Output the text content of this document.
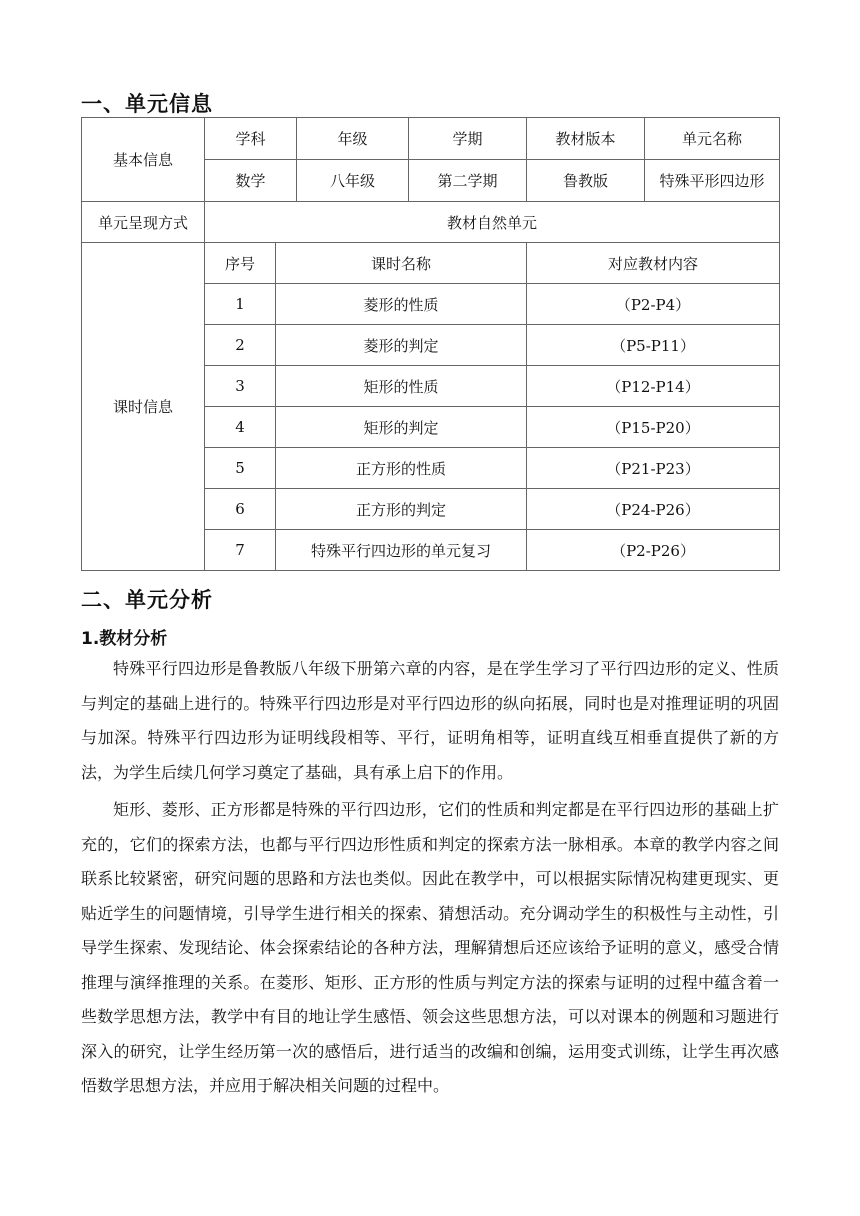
一、单元信息
基本信息	学科		年级	学期	教材版本	单元名称
	数学		八年级	第二学期	鲁教版	特殊平形四边形
单元呈现方式	教材自然单元					
课时信息	序号	课时名称			对应教材内容	
	1	菱形的性质			（P2-P4）	
	2	菱形的判定			（P5-P11）	
	3	矩形的性质			（P12-P14）	
	4	矩形的判定			（P15-P20）	
	5	正方形的性质			（P21-P23）	
	6	正方形的判定			（P24-P26）	
	7	特殊平行四边形的单元复习			（P2-P26）	
二、单元分析
1.教材分析

特殊平行四边形是鲁教版八年级下册第六章的内容，是在学生学习了平行四边形的定义、性质与判定的基础上进行的。特殊平行四边形是对平行四边形的纵向拓展，同时也是对推理证明的巩固与加深。特殊平行四边形为证明线段相等、平行，证明角相等，证明直线互相垂直提供了新的方法，为学生后续几何学习奠定了基础，具有承上启下的作用。

矩形、菱形、正方形都是特殊的平行四边形，它们的性质和判定都是在平行四边形的基础上扩充的，它们的探索方法，也都与平行四边形性质和判定的探索方法一脉相承。本章的教学内容之间联系比较紧密，研究问题的思路和方法也类似。因此在教学中，可以根据实际情况构建更现实、更贴近学生的问题情境，引导学生进行相关的探索、猜想活动。充分调动学生的积极性与主动性，引导学生探索、发现结论、体会探索结论的各种方法，理解猜想后还应该给予证明的意义，感受合情推理与演绎推理的关系。在菱形、矩形、正方形的性质与判定方法的探索与证明的过程中蕴含着一些数学思想方法，教学中有目的地让学生感悟、领会这些思想方法，可以对课本的例题和习题进行深入的研究，让学生经历第一次的感悟后，进行适当的改编和创编，运用变式训练，让学生再次感悟数学思想方法，并应用于解决相关问题的过程中。
